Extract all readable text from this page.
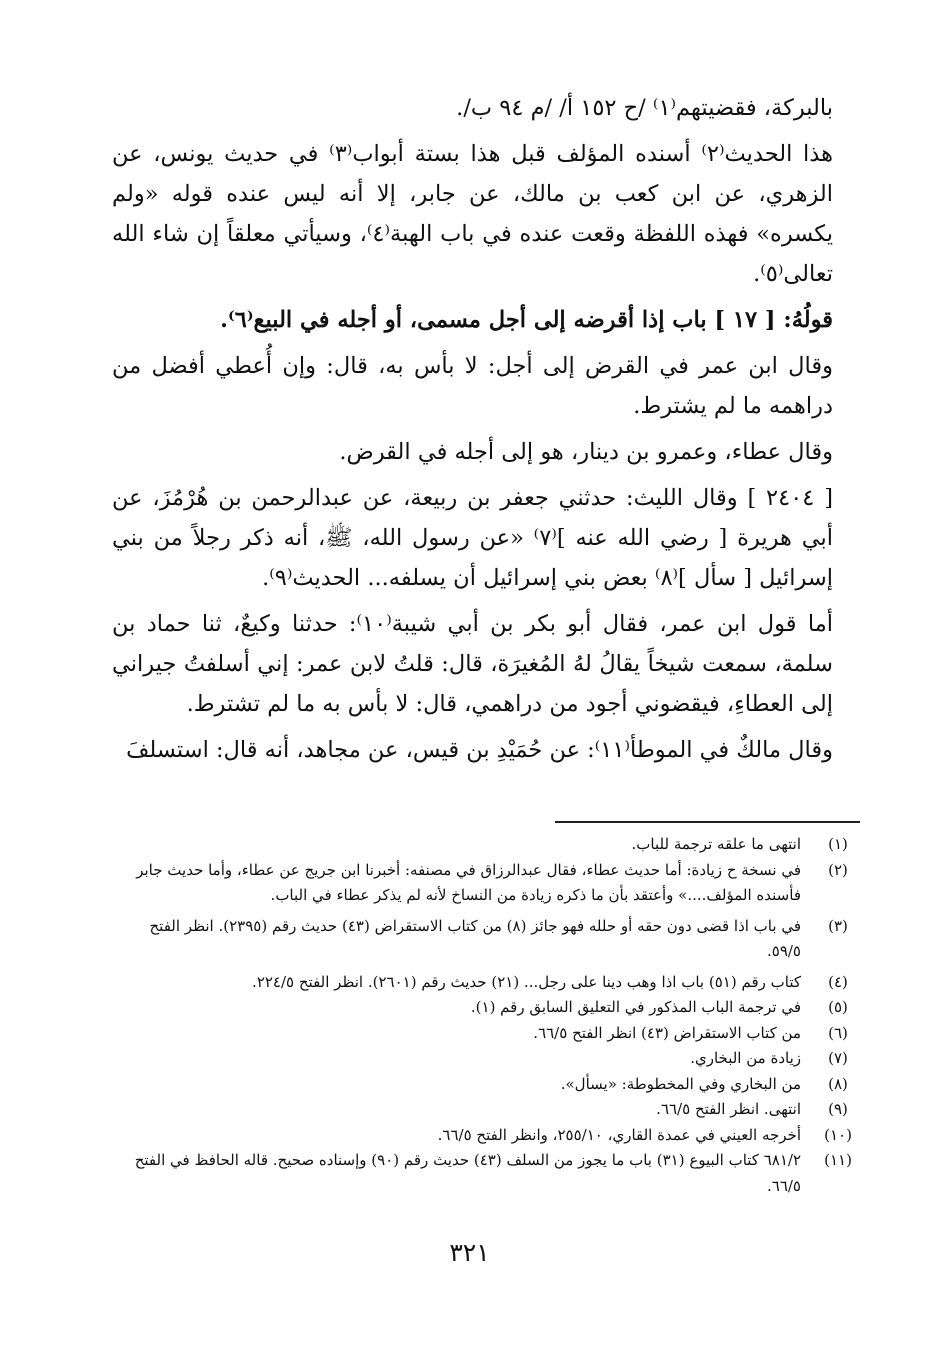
بالبركة، فقضيتهم⁽١⁾ /ح ١٥٢ أ/ /م ٩٤ ب/.

هذا الحديث⁽٢⁾ أسنده المؤلف قبل هذا بستة أبواب⁽٣⁾ في حديث يونس، عن الزهري، عن ابن كعب بن مالك، عن جابر، إلا أنه ليس عنده قوله «ولم يكسره» فهذه اللفظة وقعت عنده في باب الهبة⁽٤⁾، وسيأتي معلقاً إن شاء الله تعالى⁽٥⁾.

قولُهُ: [ ١٧ ] باب إذا أقرضه إلى أجل مسمى، أو أجله في البيع⁽٦⁾.

وقال ابن عمر في القرض إلى أجل: لا بأس به، قال: وإن أُعطي أفضل من دراهمه ما لم يشترط.

وقال عطاء، وعمرو بن دينار، هو إلى أجله في القرض.

[ ٢٤٠٤ ] وقال الليث: حدثني جعفر بن ربيعة، عن عبدالرحمن بن هُرْمُزَ، عن أبي هريرة [ رضي الله عنه ]⁽٧⁾ «عن رسول الله، ﷺ، أنه ذكر رجلاً من بني إسرائيل [ سأل ]⁽٨⁾ بعض بني إسرائيل أن يسلفه... الحديث⁽٩⁾.

أما قول ابن عمر، فقال أبو بكر بن أبي شيبة⁽١٠⁾: حدثنا وكيعٌ، ثنا حماد بن سلمة، سمعت شيخاً يقالُ لهُ المُغيرَة، قال: قلتُ لابن عمر: إني أسلفتُ جيراني إلى العطاءِ، فيقضوني أجود من دراهمي، قال: لا بأس به ما لم تشترط.

وقال مالكٌ في الموطأ⁽١١⁾: عن حُمَيْدِ بن قيس، عن مجاهد، أنه قال: استسلفَ

(١)
انتهى ما علقه ترجمة للباب.
(٢)
في نسخة ح زيادة: أما حديث عطاء، فقال عبدالرزاق في مصنفه: أخبرنا ابن جريج عن عطاء، وأما حديث جابر فأسنده المؤلف....» وأعتقد بأن ما ذكره زيادة من النساخ لأنه لم يذكر عطاء في الباب.
(٣)
في باب اذا قضى دون حقه أو حلله فهو جائز (٨) من كتاب الاستقراض (٤٣) حديث رقم (٢٣٩٥). انظر الفتح ٥٩/٥.
(٤)
كتاب رقم (٥١) باب اذا وهب دينا على رجل... (٢١) حديث رقم (٢٦٠١). انظر الفتح ٢٢٤/٥.
(٥)
في ترجمة الباب المذكور في التعليق السابق رقم (١).
(٦)
من كتاب الاستقراض (٤٣) انظر الفتح ٦٦/٥.
(٧)
زيادة من البخاري.
(٨)
من البخاري وفي المخطوطة: «يسأل».
(٩)
انتهى. انظر الفتح ٦٦/٥.
(١٠)
أخرجه العيني في عمدة القاري، ٢٥٥/١٠، وانظر الفتح ٦٦/٥.
(١١)
٦٨١/٢ كتاب البيوع (٣١) باب ما يجوز من السلف (٤٣) حديث رقم (٩٠) وإسناده صحيح. قاله الحافظ في الفتح ٦٦/٥.
٣٢١
